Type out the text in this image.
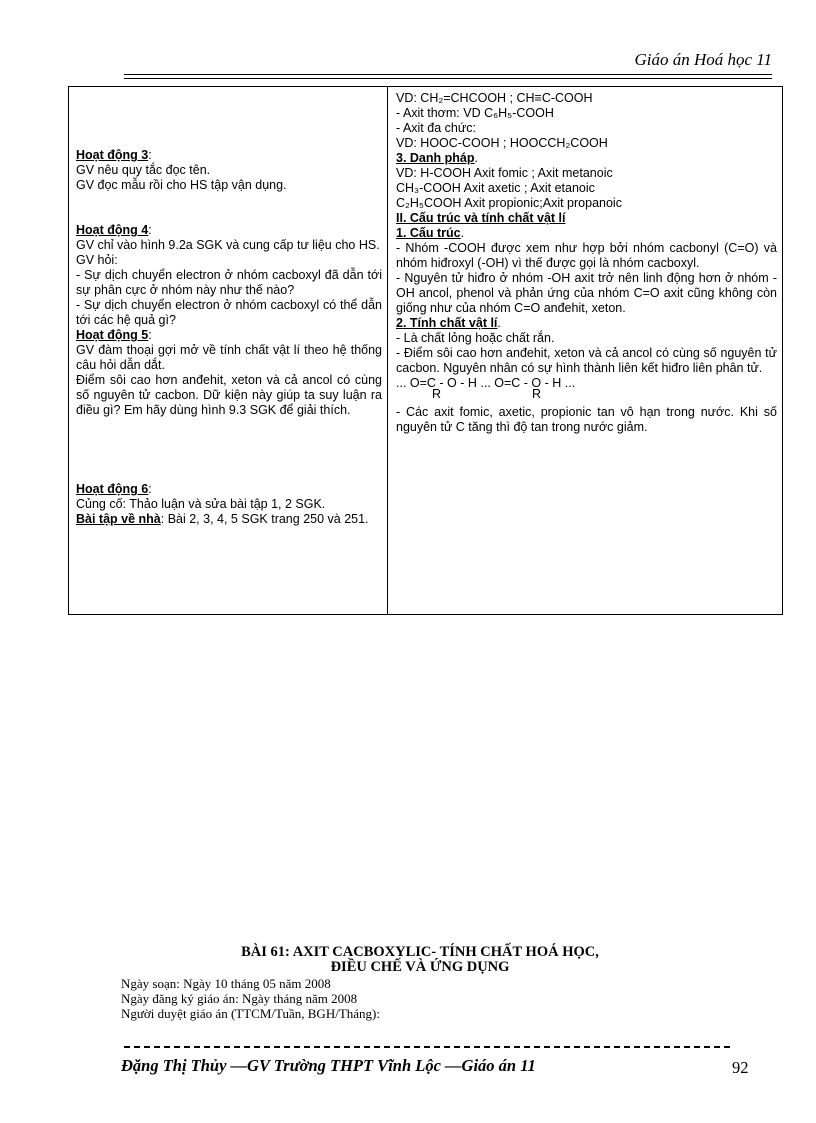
Giáo án Hoá học 11

Hoạt động 3:

GV nêu quy tắc đọc tên.

GV đọc mẫu rồi cho HS tập vận dụng.

Hoạt động 4:

GV chỉ vào hình 9.2a SGK và cung cấp tư liệu cho HS.

GV hỏi:

- Sự dịch chuyển electron ở nhóm cacboxyl đã dẫn tới sự phân cực ở nhóm này như thế nào?

- Sự dịch chuyển electron ở nhóm cacboxyl có thể dẫn tới các hệ quả gì?

Hoạt động 5:

GV đàm thoại gợi mở về tính chất vật lí theo hệ thống câu hỏi dẫn dắt.

Điểm sôi cao hơn anđehit, xeton và cả ancol có cùng số nguyên tử cacbon. Dữ kiện này giúp ta suy luận ra điều gì? Em hãy dùng hình 9.3 SGK để giải thích.

Hoạt động 6:

Củng cố: Thảo luận và sửa bài tập 1, 2 SGK.

Bài tập về nhà: Bài 2, 3, 4, 5 SGK trang 250 và 251.

VD: CH₂=CHCOOH ; CH≡C-COOH

- Axit thơm: VD C₆H₅-COOH

- Axit đa chức:

VD: HOOC-COOH ; HOOCCH₂COOH

3. Danh pháp.

VD: H-COOH Axit fomic ; Axit metanoic

CH₃-COOH Axit axetic ; Axit etanoic

C₂H₅COOH Axit propionic;Axit propanoic

II. Cấu trúc và tính chất vật lí

1. Cấu trúc.

- Nhóm -COOH được xem như hợp bởi nhóm cacbonyl (C=O) và nhóm hiđroxyl (-OH) vì thế được gọi là nhóm cacboxyl.

- Nguyên tử hiđro ở nhóm -OH axit trở nên linh động hơn ở nhóm -OH ancol, phenol và phản ứng của nhóm C=O axit cũng không còn giống như của nhóm C=O anđehit, xeton.

2. Tính chất vật lí.

- Là chất lỏng hoặc chất rắn.

- Điểm sôi cao hơn anđehit, xeton và cả ancol có cùng số nguyên tử cacbon. Nguyên nhân có sự hình thành liên kết hiđro liên phân tử.

... O=C - O - H ... O=C - O - H ...

R	R

- Các axit fomic, axetic, propionic tan vô hạn trong nước. Khi số nguyên tử C tăng thì độ tan trong nước giảm.

BÀI 61: AXIT CACBOXYLIC- TÍNH CHẤT HOÁ HỌC,
ĐIỀU CHẾ VÀ ỨNG DỤNG

Ngày soạn: Ngày 10 tháng 05 năm 2008

Ngày đăng ký giáo án: Ngày tháng năm 2008

Người duyệt giáo án (TTCM/Tuần, BGH/Tháng):

Đặng Thị Thủy —GV Trường THPT Vĩnh Lộc —Giáo án 11	92
